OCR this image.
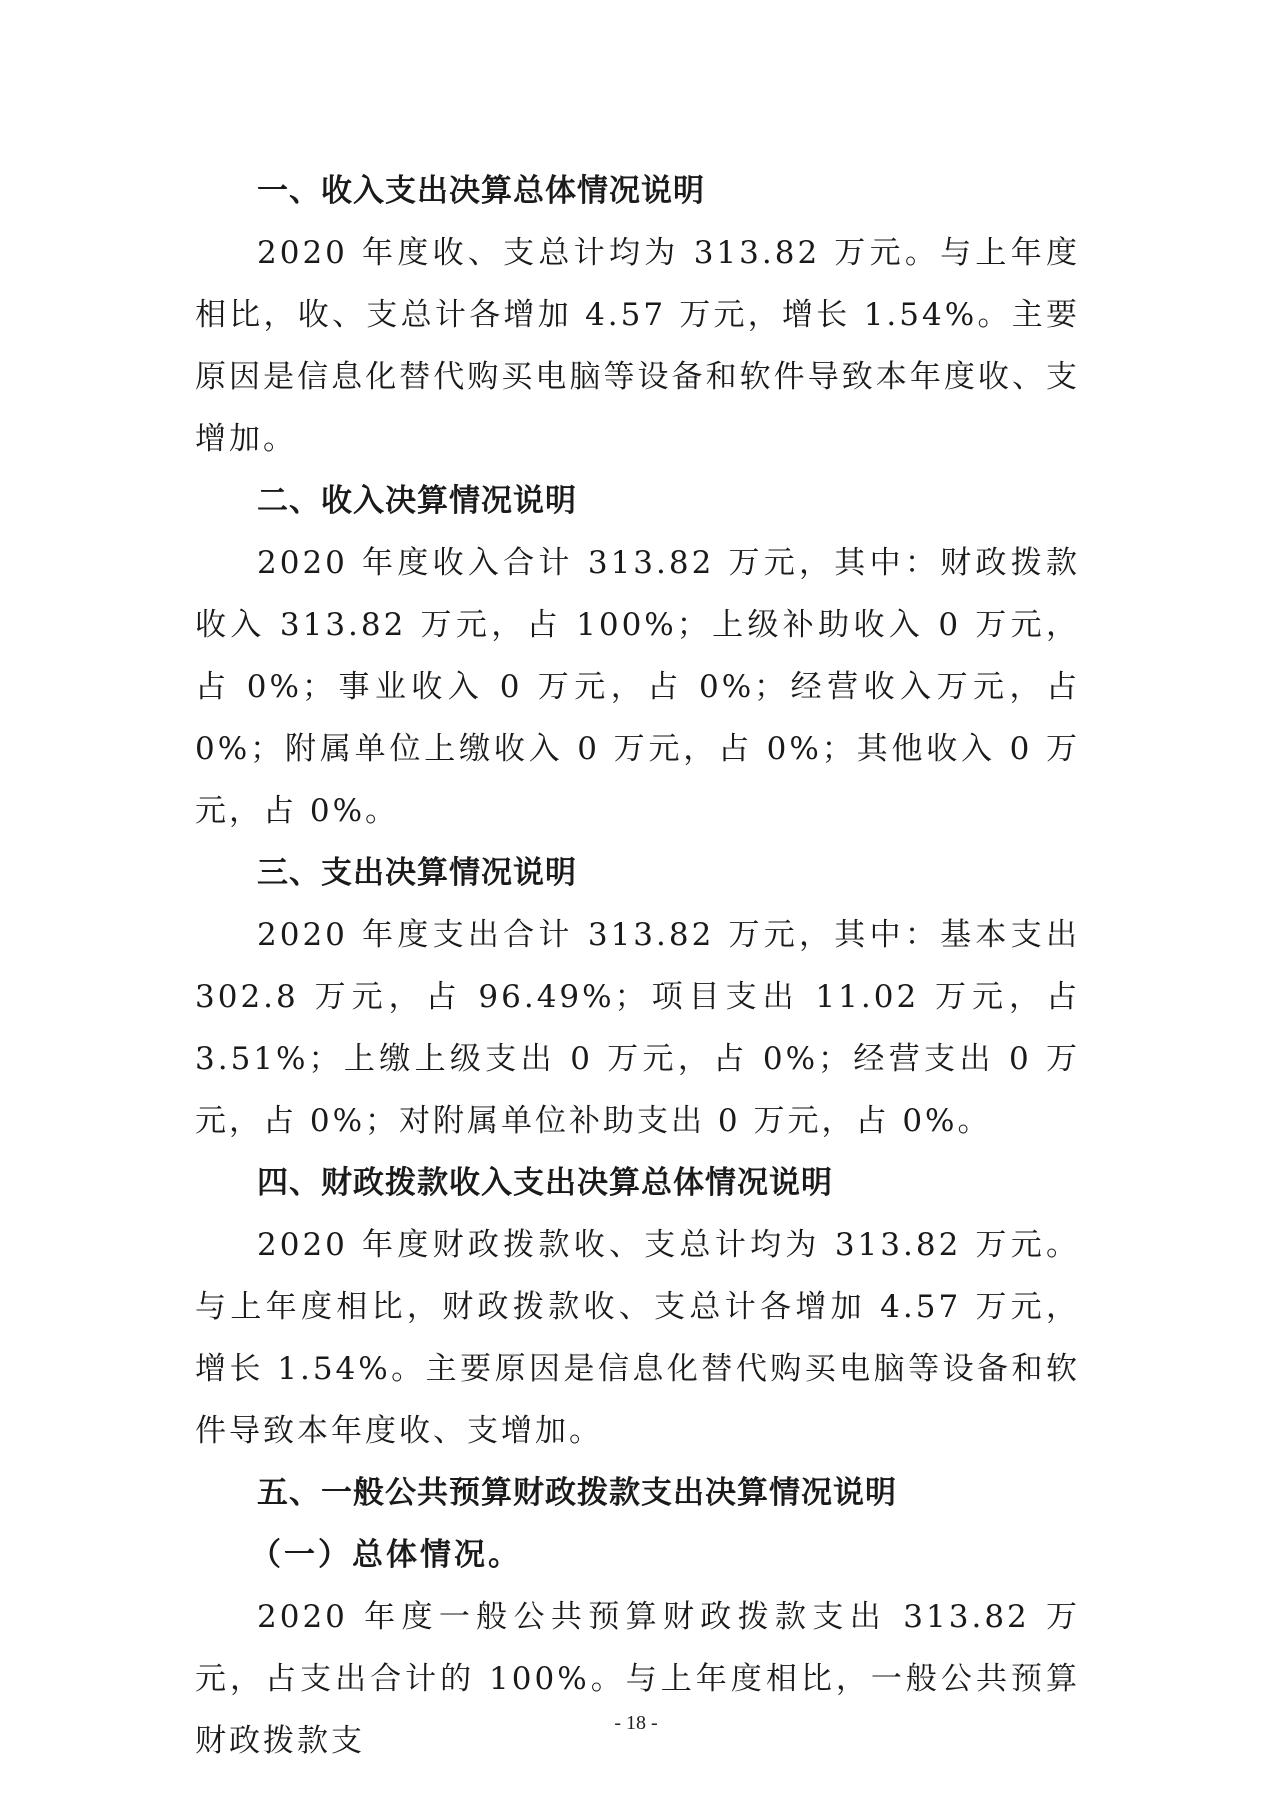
一、收入支出决算总体情况说明

2020 年度收、支总计均为 313.82 万元。与上年度相比，收、支总计各增加 4.57 万元，增长 1.54%。主要原因是信息化替代购买电脑等设备和软件导致本年度收、支增加。

二、收入决算情况说明

2020 年度收入合计 313.82 万元，其中：财政拨款收入 313.82 万元，占 100%；上级补助收入 0 万元，占 0%；事业收入 0 万元，占 0%；经营收入万元，占 0%；附属单位上缴收入 0 万元，占 0%；其他收入 0 万元，占 0%。

三、支出决算情况说明

2020 年度支出合计 313.82 万元，其中：基本支出 302.8 万元，占 96.49%；项目支出 11.02 万元，占 3.51%；上缴上级支出 0 万元，占 0%；经营支出 0 万元，占 0%；对附属单位补助支出 0 万元，占 0%。

四、财政拨款收入支出决算总体情况说明

2020 年度财政拨款收、支总计均为 313.82 万元。与上年度相比，财政拨款收、支总计各增加 4.57 万元，增长 1.54%。主要原因是信息化替代购买电脑等设备和软件导致本年度收、支增加。

五、一般公共预算财政拨款支出决算情况说明
（一）总体情况。

2020 年度一般公共预算财政拨款支出 313.82 万元，占支出合计的 100%。与上年度相比，一般公共预算财政拨款支	- 18 -
